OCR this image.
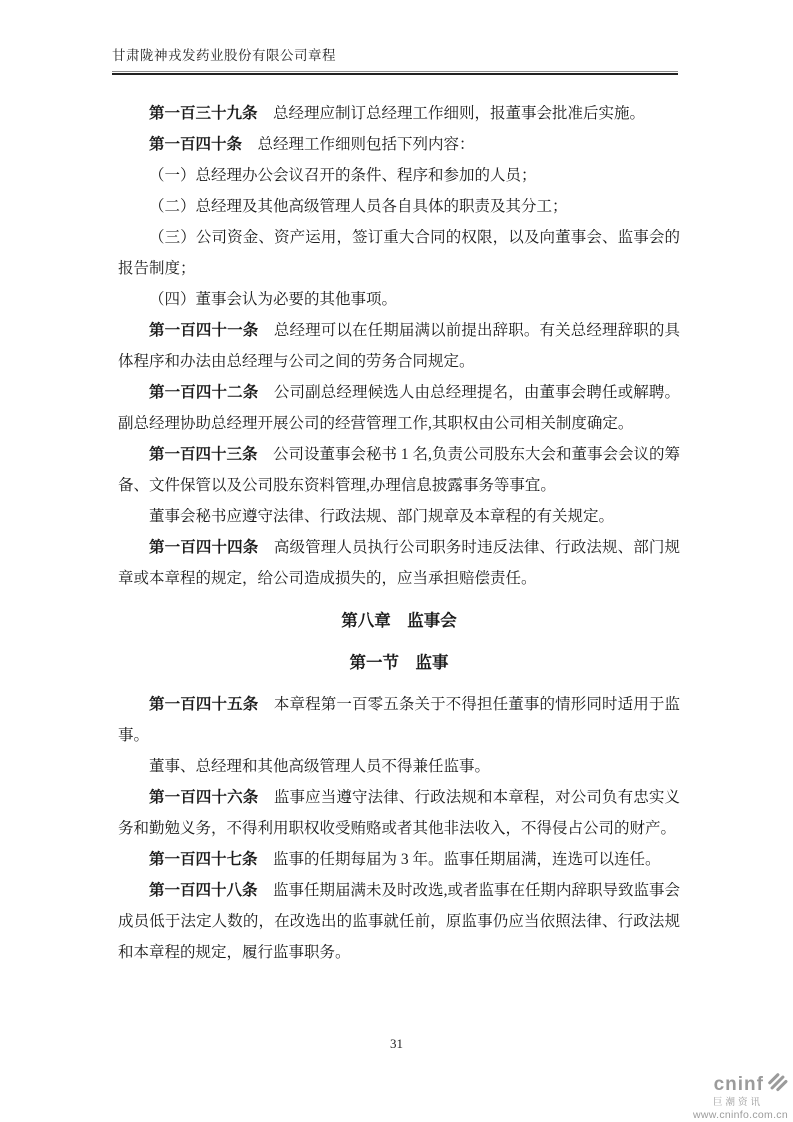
甘肃陇神戎发药业股份有限公司章程

第一百三十九条 总经理应制订总经理工作细则，报董事会批准后实施。

第一百四十条 总经理工作细则包括下列内容：

（一）总经理办公会议召开的条件、程序和参加的人员；

（二）总经理及其他高级管理人员各自具体的职责及其分工；

（三）公司资金、资产运用，签订重大合同的权限，以及向董事会、监事会的报告制度；

（四）董事会认为必要的其他事项。

第一百四十一条 总经理可以在任期届满以前提出辞职。有关总经理辞职的具体程序和办法由总经理与公司之间的劳务合同规定。

第一百四十二条 公司副总经理候选人由总经理提名，由董事会聘任或解聘。副总经理协助总经理开展公司的经营管理工作,其职权由公司相关制度确定。

第一百四十三条 公司设董事会秘书 1 名,负责公司股东大会和董事会会议的筹备、文件保管以及公司股东资料管理,办理信息披露事务等事宜。

董事会秘书应遵守法律、行政法规、部门规章及本章程的有关规定。

第一百四十四条 高级管理人员执行公司职务时违反法律、行政法规、部门规章或本章程的规定，给公司造成损失的，应当承担赔偿责任。

第八章　监事会

第一节　监事

第一百四十五条 本章程第一百零五条关于不得担任董事的情形同时适用于监事。

董事、总经理和其他高级管理人员不得兼任监事。

第一百四十六条 监事应当遵守法律、行政法规和本章程，对公司负有忠实义务和勤勉义务，不得利用职权收受贿赂或者其他非法收入，不得侵占公司的财产。

第一百四十七条 监事的任期每届为 3 年。监事任期届满，连选可以连任。

第一百四十八条 监事任期届满未及时改选,或者监事在任期内辞职导致监事会成员低于法定人数的，在改选出的监事就任前，原监事仍应当依照法律、行政法规和本章程的规定，履行监事职务。

31
cninf
巨潮资讯
www.cninfo.com.cn
